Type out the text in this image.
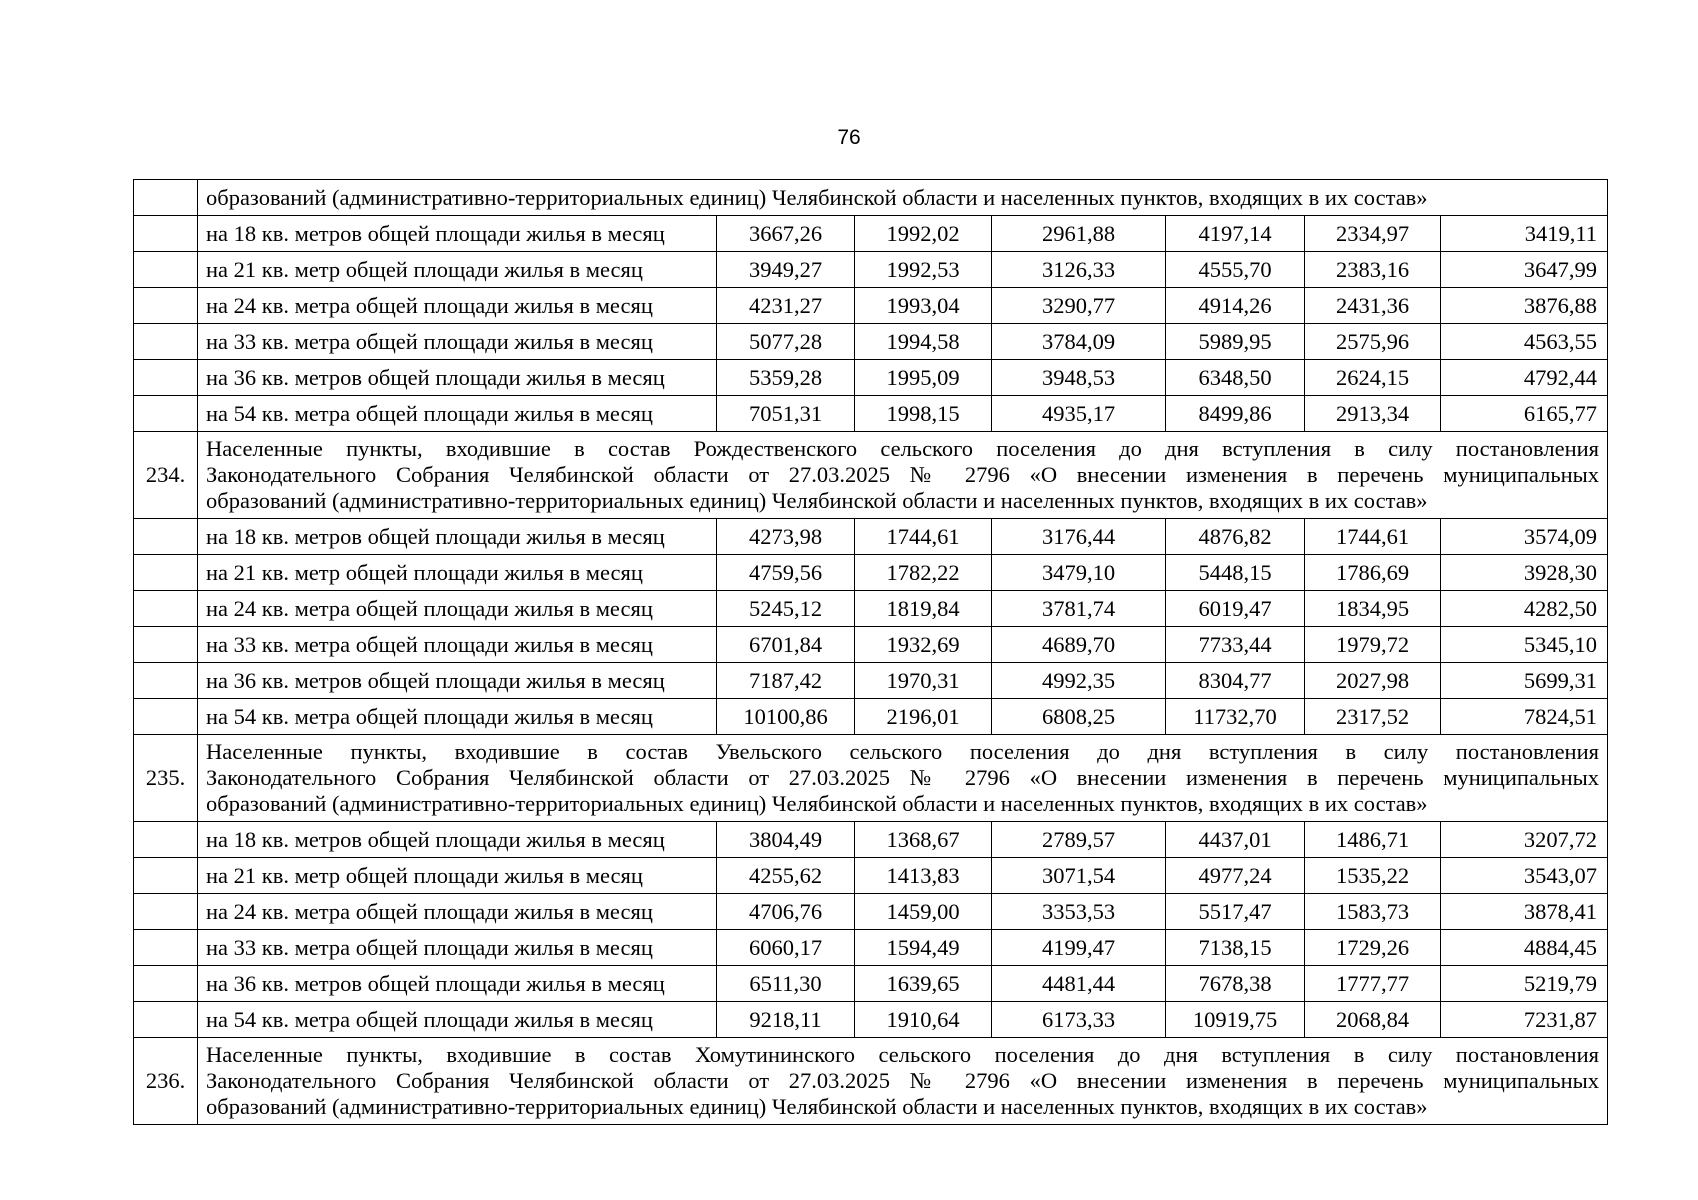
76
	образований (административно-территориальных единиц) Челябинской области и населенных пунктов, входящих в их состав»						
	на 18 кв. метров общей площади жилья в месяц	3667,26	1992,02	2961,88	4197,14	2334,97	3419,11
	на 21 кв. метр общей площади жилья в месяц	3949,27	1992,53	3126,33	4555,70	2383,16	3647,99
	на 24 кв. метра общей площади жилья в месяц	4231,27	1993,04	3290,77	4914,26	2431,36	3876,88
	на 33 кв. метра общей площади жилья в месяц	5077,28	1994,58	3784,09	5989,95	2575,96	4563,55
	на 36 кв. метров общей площади жилья в месяц	5359,28	1995,09	3948,53	6348,50	2624,15	4792,44
	на 54 кв. метра общей площади жилья в месяц	7051,31	1998,15	4935,17	8499,86	2913,34	6165,77
234.	Населенные пункты, входившие в состав Рождественского сельского поселения до дня вступления в силу постановления
Законодательного Собрания Челябинской области от 27.03.2025 № 2796 «О внесении изменения в перечень муниципальных
образований (административно-территориальных единиц) Челябинской области и населенных пунктов, входящих в их состав»						

	на 18 кв. метров общей площади жилья в месяц	4273,98	1744,61	3176,44	4876,82	1744,61	3574,09
	на 21 кв. метр общей площади жилья в месяц	4759,56	1782,22	3479,10	5448,15	1786,69	3928,30
	на 24 кв. метра общей площади жилья в месяц	5245,12	1819,84	3781,74	6019,47	1834,95	4282,50
	на 33 кв. метра общей площади жилья в месяц	6701,84	1932,69	4689,70	7733,44	1979,72	5345,10
	на 36 кв. метров общей площади жилья в месяц	7187,42	1970,31	4992,35	8304,77	2027,98	5699,31
	на 54 кв. метра общей площади жилья в месяц	10100,86	2196,01	6808,25	11732,70	2317,52	7824,51
235.	Населенные пункты, входившие в состав Увельского сельского поселения до дня вступления в силу постановления
Законодательного Собрания Челябинской области от 27.03.2025 № 2796 «О внесении изменения в перечень муниципальных
образований (административно-территориальных единиц) Челябинской области и населенных пунктов, входящих в их состав»						

	на 18 кв. метров общей площади жилья в месяц	3804,49	1368,67	2789,57	4437,01	1486,71	3207,72
	на 21 кв. метр общей площади жилья в месяц	4255,62	1413,83	3071,54	4977,24	1535,22	3543,07
	на 24 кв. метра общей площади жилья в месяц	4706,76	1459,00	3353,53	5517,47	1583,73	3878,41
	на 33 кв. метра общей площади жилья в месяц	6060,17	1594,49	4199,47	7138,15	1729,26	4884,45
	на 36 кв. метров общей площади жилья в месяц	6511,30	1639,65	4481,44	7678,38	1777,77	5219,79
	на 54 кв. метра общей площади жилья в месяц	9218,11	1910,64	6173,33	10919,75	2068,84	7231,87
236.	Населенные пункты, входившие в состав Хомутининского сельского поселения до дня вступления в силу постановления
Законодательного Собрания Челябинской области от 27.03.2025 № 2796 «О внесении изменения в перечень муниципальных
образований (административно-территориальных единиц) Челябинской области и населенных пунктов, входящих в их состав»						
